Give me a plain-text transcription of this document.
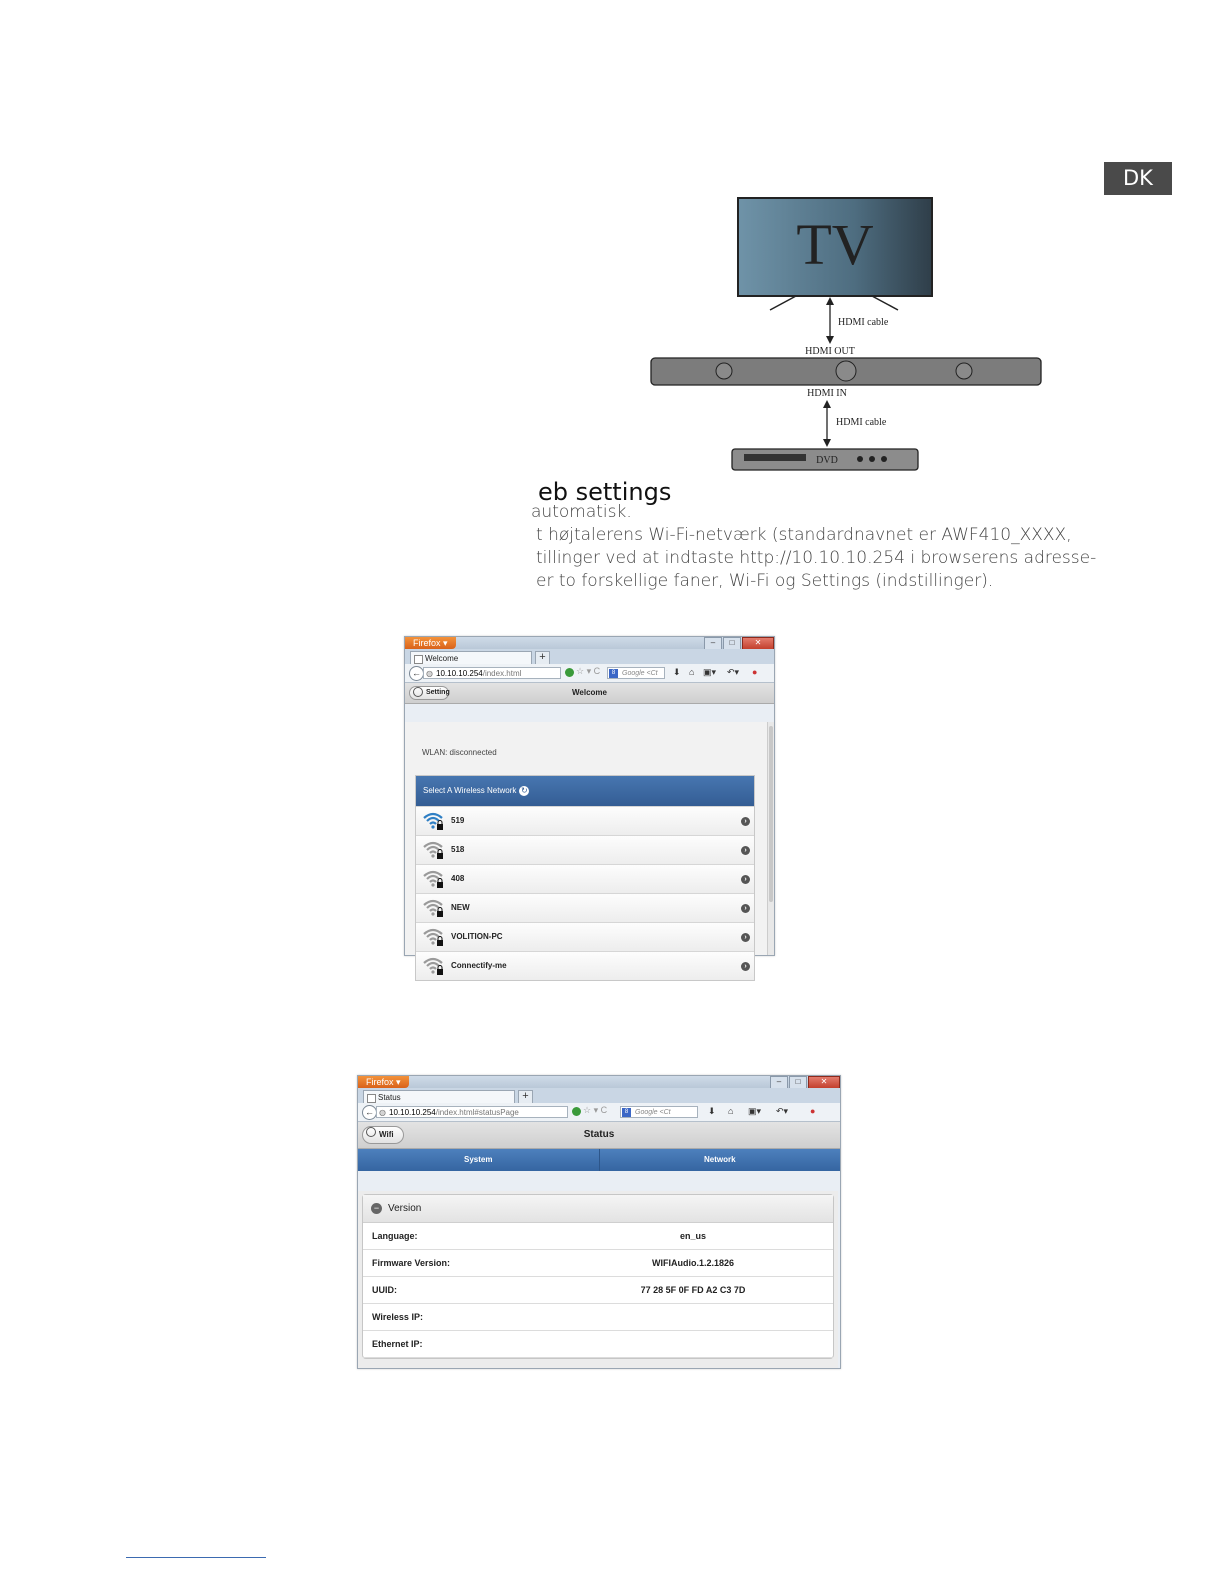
DK
TV
HDMI cable
HDMI OUT
HDMI IN
HDMI cable
DVD
eb settings
automatisk.
t højtalerens Wi-Fi-netværk (standardnavnet er AWF410_XXXX,
tillinger ved at indtaste http://10.10.10.254 i browserens adresse-
er to forskellige faner, Wi-Fi og Settings (indstillinger).
Firefox ▾	–	□	✕
Welcome	+
←	◍ 10.10.10.254/index.html	☆ ▾ C	8 Google <Ct	⬇ ⌂ ▣▾ ↶▾ ●
Setting	Welcome
WLAN: disconnected
Select A Wireless Network ↻
519	›
518	›
408	›
NEW	›
VOLITION-PC	›
Connectify-me	›
Firefox ▾	–	□	✕
Status	+
←	◍ 10.10.10.254/index.html#statusPage	☆ ▾ C	8 Google <Ct	⬇ ⌂ ▣▾ ↶▾ ●
Wifi	Status
System	Network
− Version
Language:	en_us
Firmware Version:	WIFIAudio.1.2.1826
UUID:	77 28 5F 0F FD A2 C3 7D
Wireless IP:
Ethernet IP:
